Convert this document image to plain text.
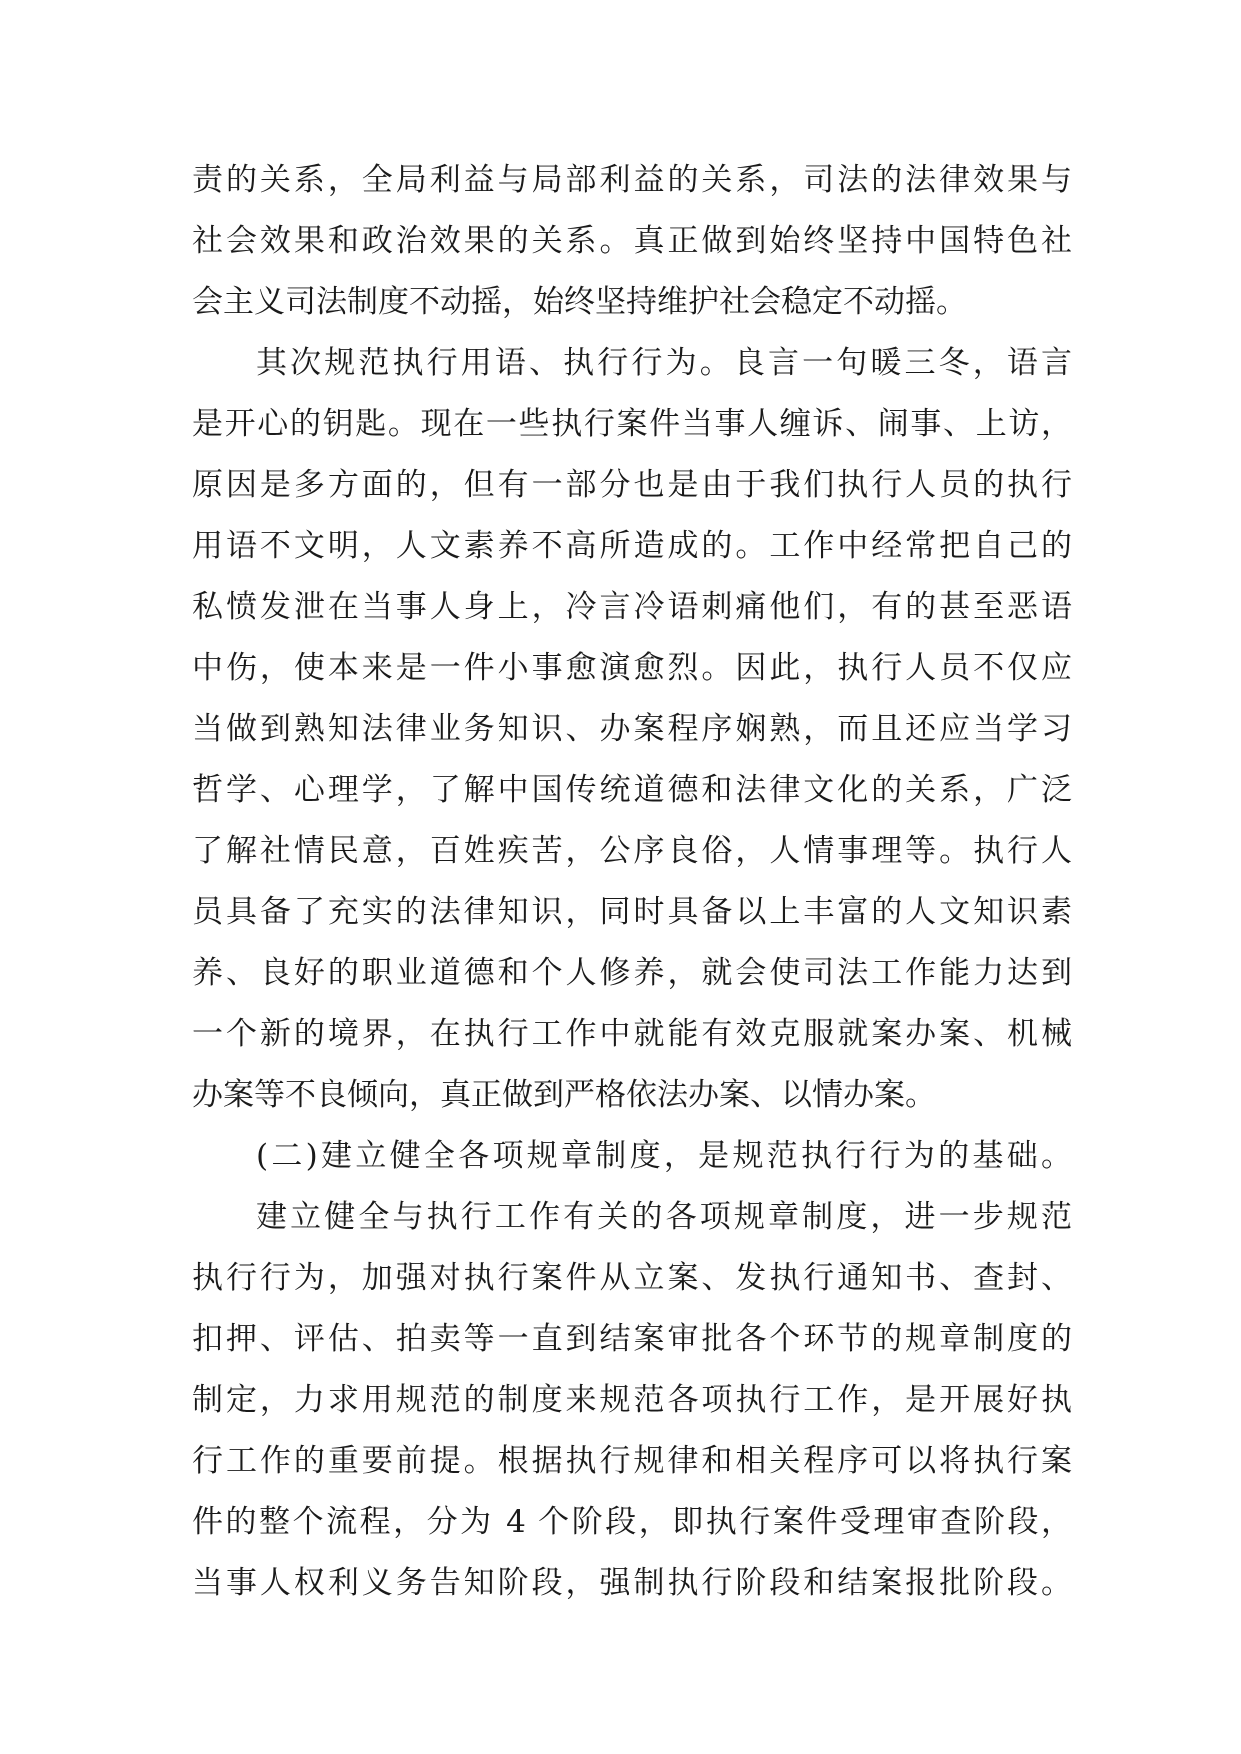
责的关系，全局利益与局部利益的关系，司法的法律效果与
社会效果和政治效果的关系。真正做到始终坚持中国特色社
会主义司法制度不动摇，始终坚持维护社会稳定不动摇。
其次规范执行用语、执行行为。良言一句暖三冬，语言
是开心的钥匙。现在一些执行案件当事人缠诉、闹事、上访，
原因是多方面的，但有一部分也是由于我们执行人员的执行
用语不文明，人文素养不高所造成的。工作中经常把自己的
私愤发泄在当事人身上，冷言冷语刺痛他们，有的甚至恶语
中伤，使本来是一件小事愈演愈烈。因此，执行人员不仅应
当做到熟知法律业务知识、办案程序娴熟，而且还应当学习
哲学、心理学，了解中国传统道德和法律文化的关系，广泛
了解社情民意，百姓疾苦，公序良俗，人情事理等。执行人
员具备了充实的法律知识，同时具备以上丰富的人文知识素
养、良好的职业道德和个人修养，就会使司法工作能力达到
一个新的境界，在执行工作中就能有效克服就案办案、机械
办案等不良倾向，真正做到严格依法办案、以情办案。
(二)建立健全各项规章制度，是规范执行行为的基础。
建立健全与执行工作有关的各项规章制度，进一步规范
执行行为，加强对执行案件从立案、发执行通知书、查封、
扣押、评估、拍卖等一直到结案审批各个环节的规章制度的
制定，力求用规范的制度来规范各项执行工作，是开展好执
行工作的重要前提。根据执行规律和相关程序可以将执行案
件的整个流程，分为 4 个阶段，即执行案件受理审查阶段，
当事人权利义务告知阶段，强制执行阶段和结案报批阶段。
